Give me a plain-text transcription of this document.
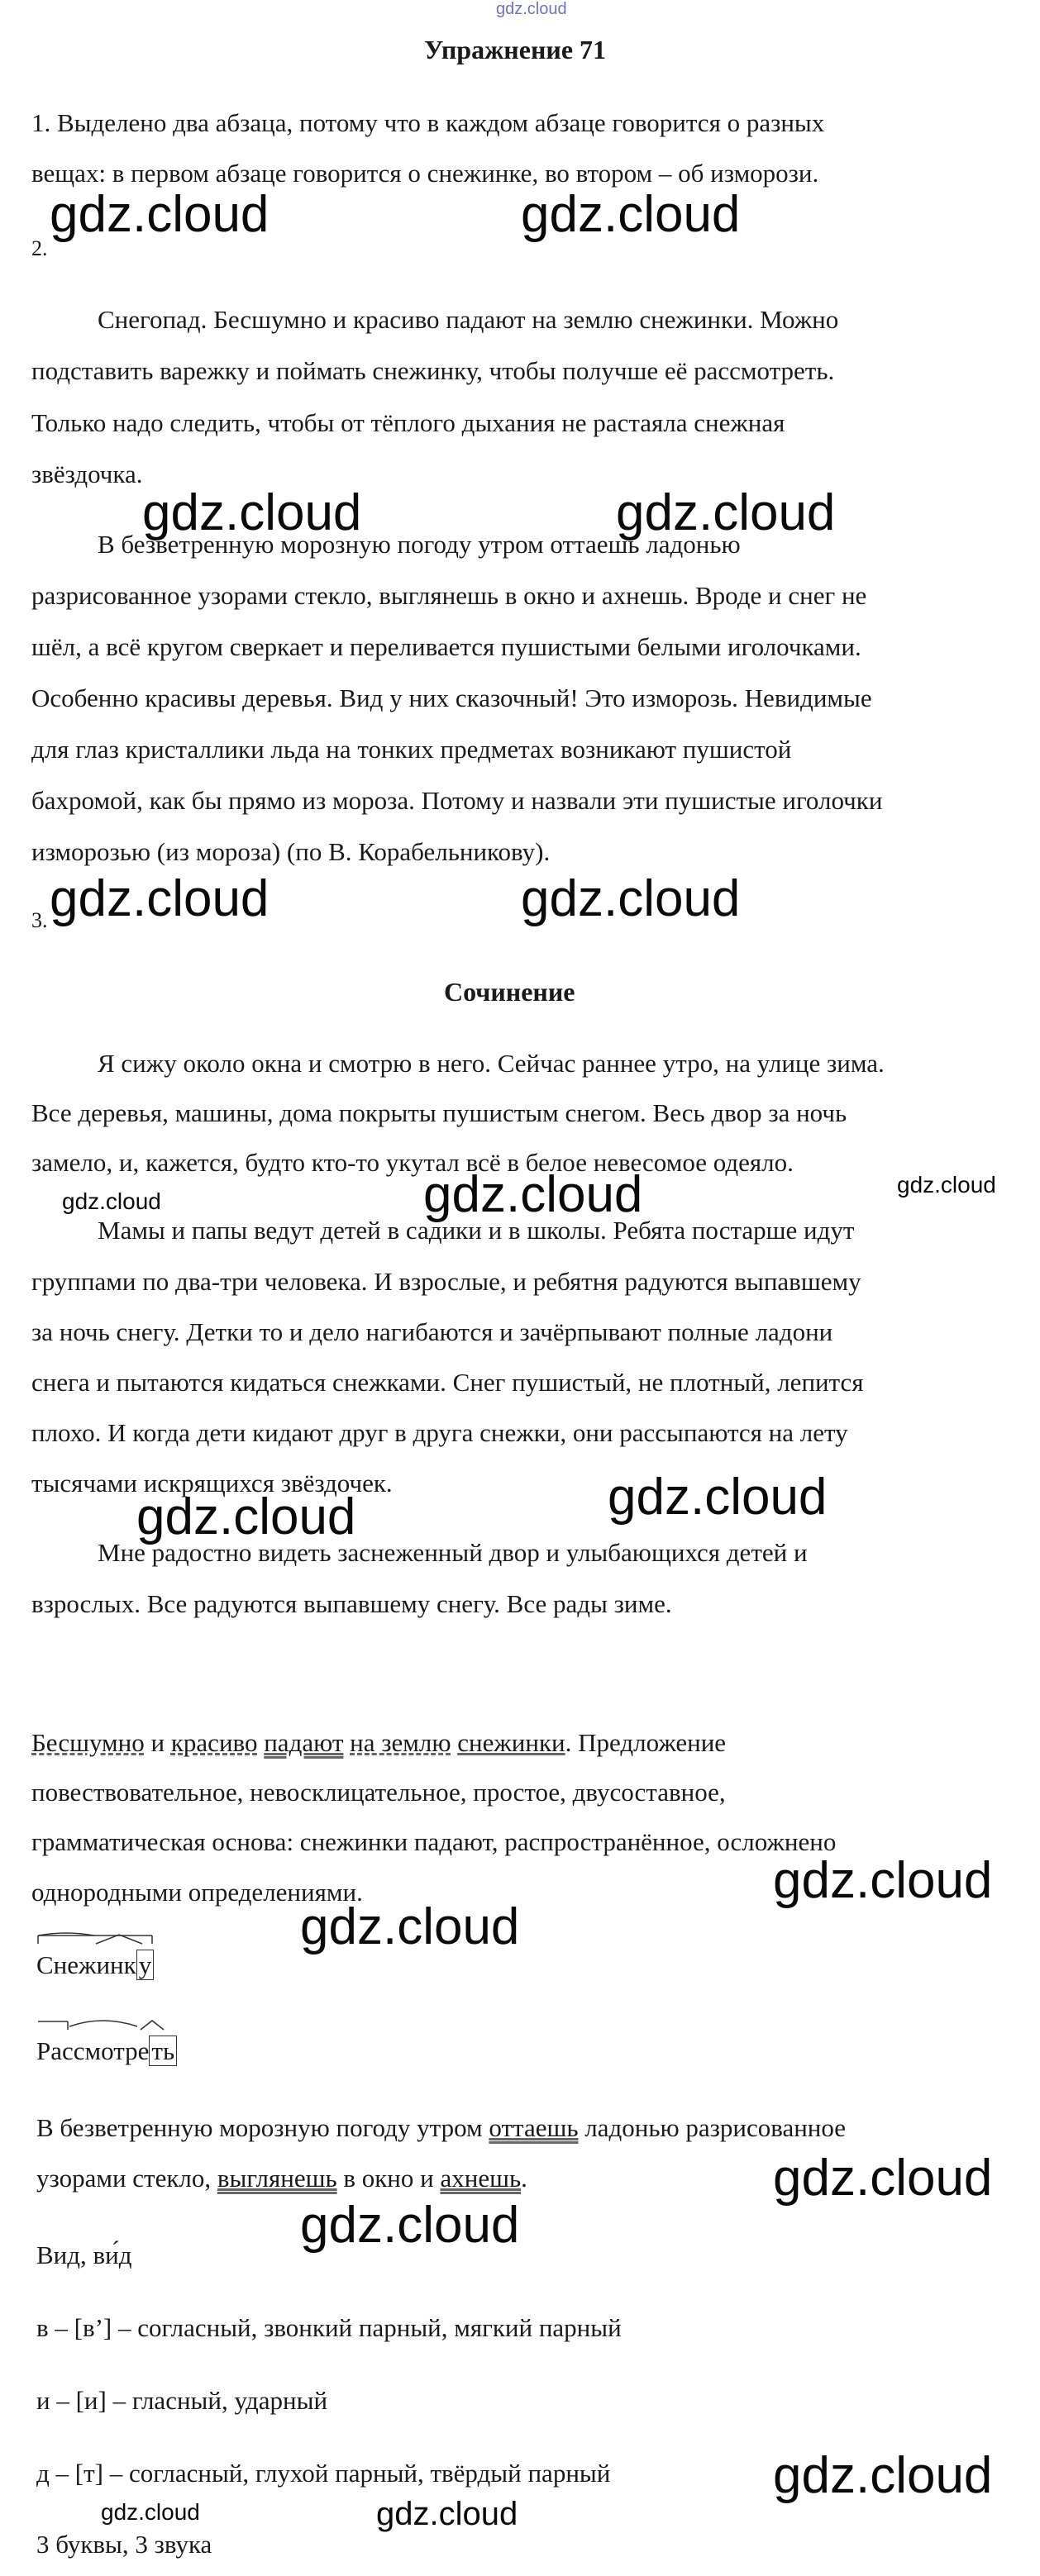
gdz.cloud
Упражнение 71
1. Выделено два абзаца, потому что в каждом абзаце говорится о разных
вещах: в первом абзаце говорится о снежинке, во втором – об изморози.
2.
Снегопад. Бесшумно и красиво падают на землю снежинки. Можно
подставить варежку и поймать снежинку, чтобы получше её рассмотреть.
Только надо следить, чтобы от тёплого дыхания не растаяла снежная
звёздочка.
В безветренную морозную погоду утром оттаешь ладонью
разрисованное узорами стекло, выглянешь в окно и ахнешь. Вроде и снег не
шёл, а всё кругом сверкает и переливается пушистыми белыми иголочками.
Особенно красивы деревья. Вид у них сказочный! Это изморозь. Невидимые
для глаз кристаллики льда на тонких предметах возникают пушистой
бахромой, как бы прямо из мороза. Потому и назвали эти пушистые иголочки
изморозью (из мороза) (по В. Корабельникову).
3.
Сочинение
Я сижу около окна и смотрю в него. Сейчас раннее утро, на улице зима.
Все деревья, машины, дома покрыты пушистым снегом. Весь двор за ночь
замело, и, кажется, будто кто-то укутал всё в белое невесомое одеяло.
Мамы и папы ведут детей в садики и в школы. Ребята постарше идут
группами по два-три человека. И взрослые, и ребятня радуются выпавшему
за ночь снегу. Детки то и дело нагибаются и зачёрпывают полные ладони
снега и пытаются кидаться снежками. Снег пушистый, не плотный, лепится
плохо. И когда дети кидают друг в друга снежки, они рассыпаются на лету
тысячами искрящихся звёздочек.
Мне радостно видеть заснеженный двор и улыбающихся детей и
взрослых. Все радуются выпавшему снегу. Все рады зиме.
Бесшумно и красиво падают на землю снежинки. Предложение
повествовательное, невосклицательное, простое, двусоставное,
грамматическая основа: снежинки падают, распространённое, осложнено
однородными определениями.
Снежинку
Рассмотреть
В безветренную морозную погоду утром оттаешь ладонью разрисованное
узорами стекло, выглянешь в окно и ахнешь.
Вид, ви́д
в – [в’] – согласный, звонкий парный, мягкий парный
и – [и] – гласный, ударный
д – [т] – согласный, глухой парный, твёрдый парный
3 буквы, 3 звука
gdz.cloud	gdz.cloud
gdz.cloud	gdz.cloud
gdz.cloud	gdz.cloud
gdz.cloud	gdz.cloud	gdz.cloud
gdz.cloud	gdz.cloud
gdz.cloud
gdz.cloud
gdz.cloud
gdz.cloud
gdz.cloud
gdz.cloud	gdz.cloud
